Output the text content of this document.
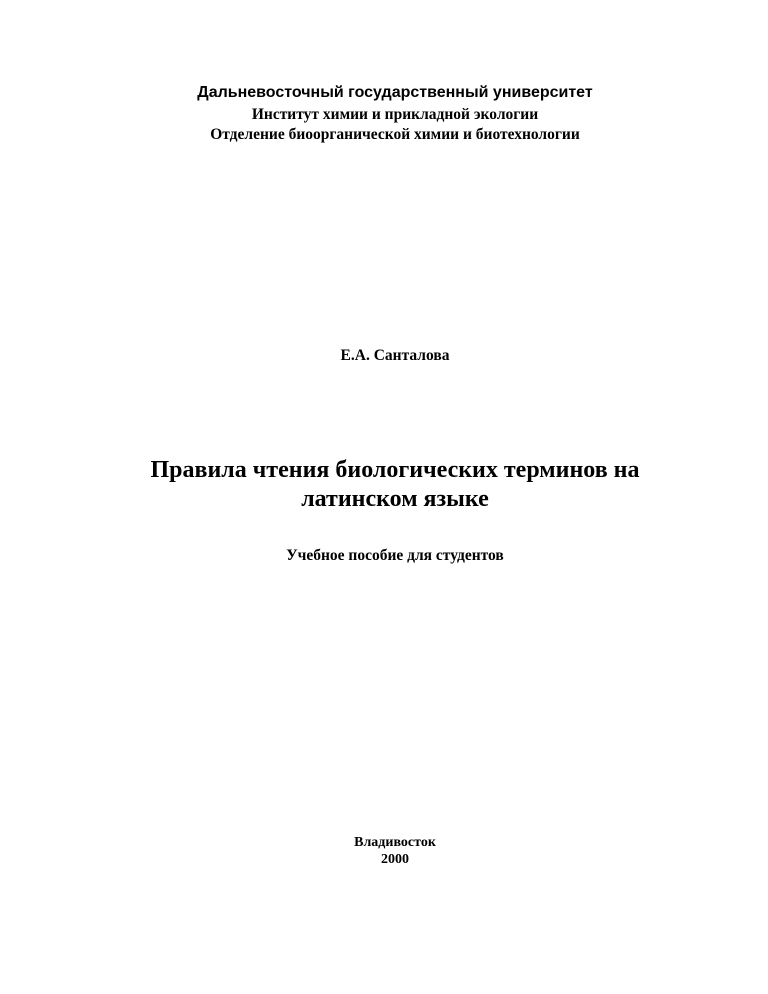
Дальневосточный государственный университет
Институт химии и прикладной экологии
Отделение биоорганической химии и биотехнологии
Е.А. Санталова
Правила чтения биологических терминов на
латинском языке
Учебное пособие для студентов
Владивосток
2000
